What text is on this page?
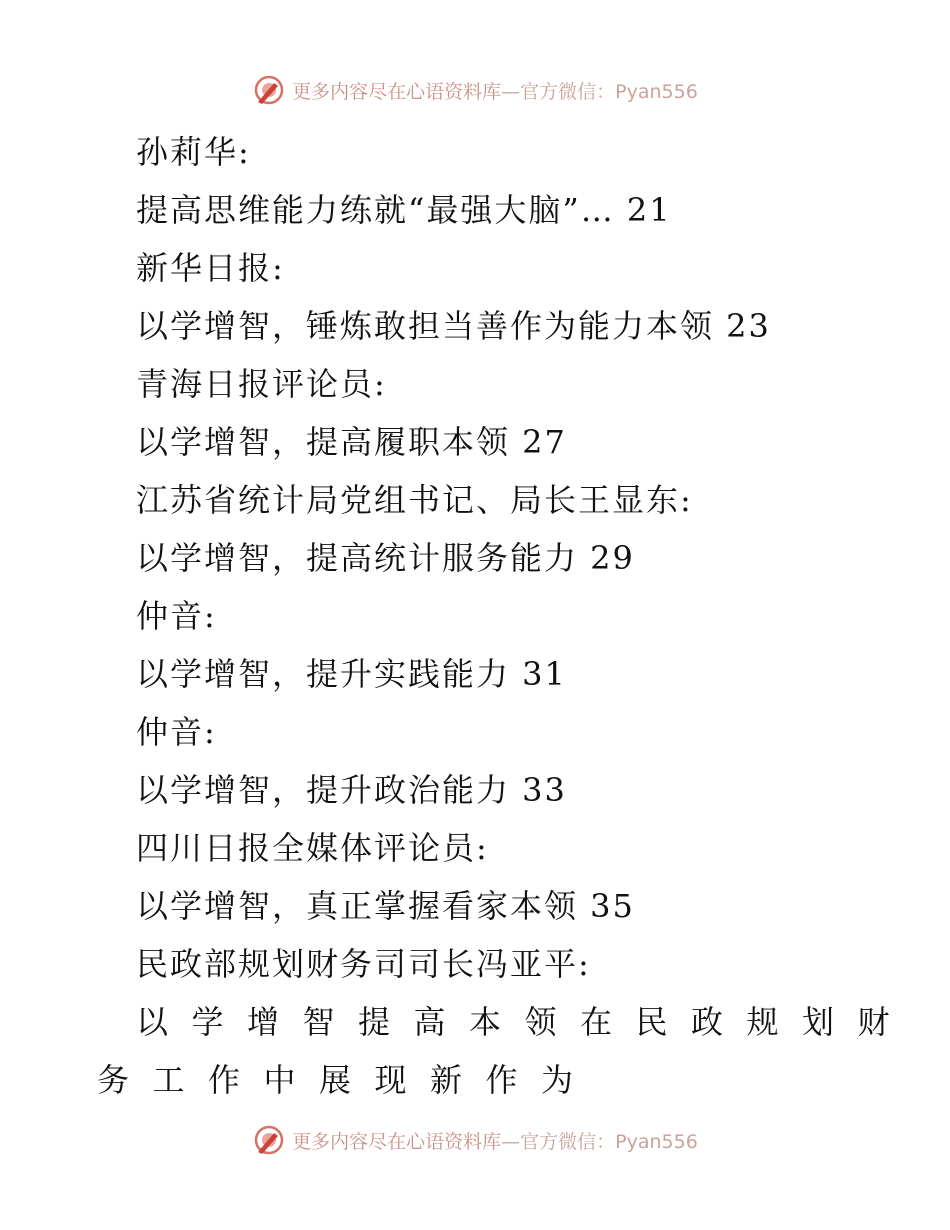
更多内容尽在心语资料库—官方微信：Pyan556
孙莉华:
提高思维能力练就“最强大脑”… 21
新华日报:
以学增智，锤炼敢担当善作为能力本领 23
青海日报评论员:
以学增智，提高履职本领 27
江苏省统计局党组书记、局长王显东:
以学增智，提高统计服务能力 29
仲音:
以学增智，提升实践能力 31
仲音:
以学增智，提升政治能力 33
四川日报全媒体评论员:
以学增智，真正掌握看家本领 35
民政部规划财务司司长冯亚平:
以学增智提高本领在民政规划财
务工作中展现新作为
更多内容尽在心语资料库—官方微信：Pyan556
